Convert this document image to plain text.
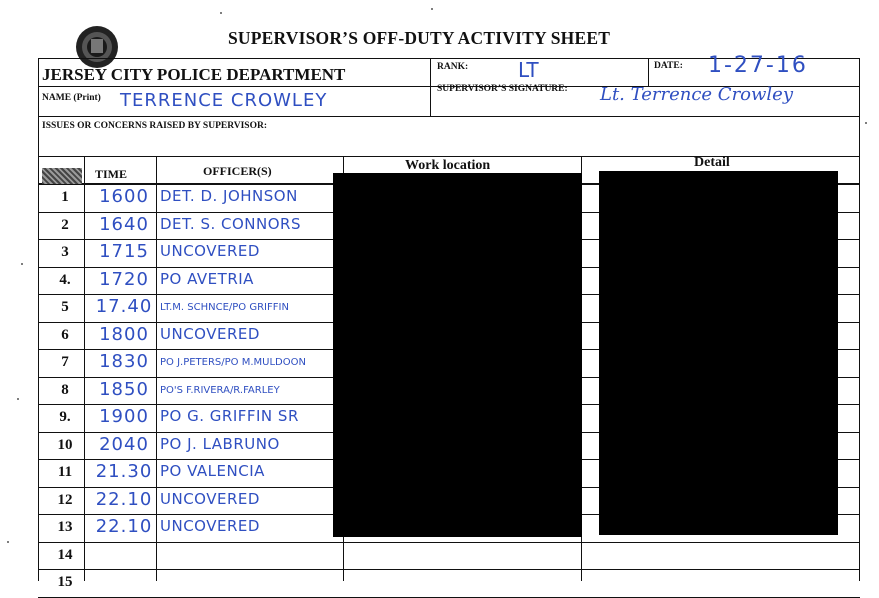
SUPERVISOR’S OFF-DUTY ACTIVITY SHEET
JERSEY CITY POLICE DEPARTMENT	RANK: LT	DATE: 1-27-16
NAME (Print) TERRENCE CROWLEY
SUPERVISOR’S SIGNATURE: Lt. Terrence Crowley
ISSUES OR CONCERNS RAISED BY SUPERVISOR:
TIME	OFFICER(S)	Work location	Detail
1	1600 DET. D. JOHNSON
2	1640 DET. S. CONNORS
3	1715 UNCOVERED
4.	1720 PO AVETRIA
5	17.40 LT.M. SCHNCE/PO GRIFFIN
6	1800 UNCOVERED
7	1830	PO J.PETERS/PO M.MULDOON
8	1850	PO'S F.RIVERA/R.FARLEY
9.	1900 PO G. GRIFFIN SR
10	2040 PO J. LABRUNO
11	21.30 PO VALENCIA
12	22.10 UNCOVERED
13	22.10 UNCOVERED
14
15
